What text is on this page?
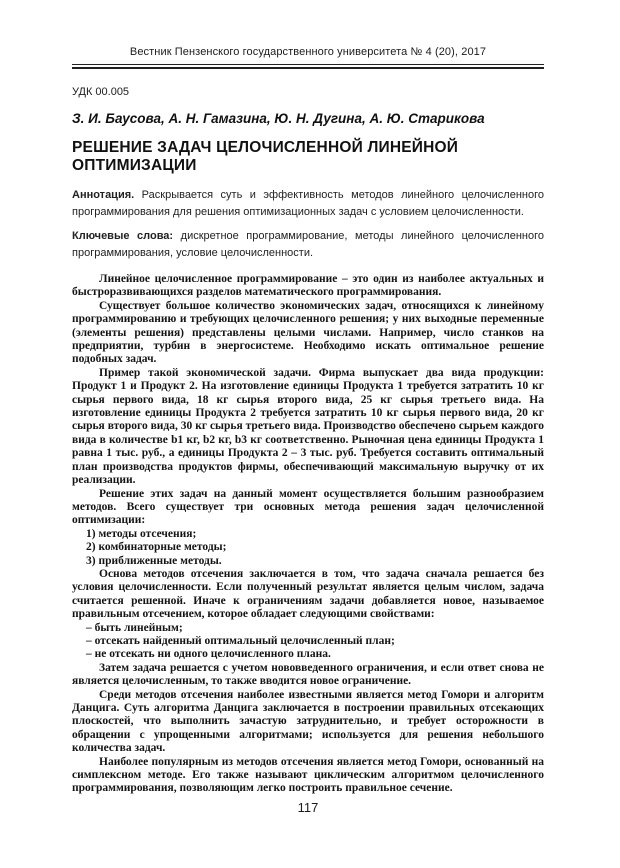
Вестник Пензенского государственного университета № 4 (20), 2017
УДК 00.005
З. И. Баусова, А. Н. Гамазина, Ю. Н. Дугина, А. Ю. Старикова
РЕШЕНИЕ ЗАДАЧ ЦЕЛОЧИСЛЕННОЙ ЛИНЕЙНОЙ ОПТИМИЗАЦИИ

Аннотация. Раскрывается суть и эффективность методов линейного целочисленного программирования для решения оптимизационных задач с условием целочисленности.

Ключевые слова: дискретное программирование, методы линейного целочисленного программирования, условие целочисленности.

Линейное целочисленное программирование – это один из наиболее актуальных и быстроразвивающихся разделов математического программирования.

Существует большое количество экономических задач, относящихся к линейному программированию и требующих целочисленного решения; у них выходные переменные (элементы решения) представлены целыми числами. Например, число станков на предприятии, турбин в энергосистеме. Необходимо искать оптимальное решение подобных задач.

Пример такой экономической задачи. Фирма выпускает два вида продукции: Продукт 1 и Продукт 2. На изготовление единицы Продукта 1 требуется затратить 10 кг сырья первого вида, 18 кг сырья второго вида, 25 кг сырья третьего вида. На изготовление единицы Продукта 2 требуется затратить 10 кг сырья первого вида, 20 кг сырья второго вида, 30 кг сырья третьего вида. Производство обеспечено сырьем каждого вида в количестве b1 кг, b2 кг, b3 кг соответственно. Рыночная цена единицы Продукта 1 равна 1 тыс. руб., а единицы Продукта 2 – 3 тыс. руб. Требуется составить оптимальный план производства продуктов фирмы, обеспечивающий максимальную выручку от их реализации.

Решение этих задач на данный момент осуществляется большим разнообразием методов. Всего существует три основных метода решения задач целочисленной оптимизации:

1) методы отсечения;

2) комбинаторные методы;

3) приближенные методы.

Основа методов отсечения заключается в том, что задача сначала решается без условия целочисленности. Если полученный результат является целым числом, задача считается решенной. Иначе к ограничениям задачи добавляется новое, называемое правильным отсечением, которое обладает следующими свойствами:

– быть линейным;

– отсекать найденный оптимальный целочисленный план;

– не отсекать ни одного целочисленного плана.

Затем задача решается с учетом нововведенного ограничения, и если ответ снова не является целочисленным, то также вводится новое ограничение.

Среди методов отсечения наиболее известными является метод Гомори и алгоритм Данцига. Суть алгоритма Данцига заключается в построении правильных отсекающих плоскостей, что выполнить зачастую затруднительно, и требует осторожности в обращении с упрощенными алгоритмами; используется для решения небольшого количества задач.

Наиболее популярным из методов отсечения является метод Гомори, основанный на симплексном методе. Его также называют циклическим алгоритмом целочисленного программирования, позволяющим легко построить правильное сечение.

117
